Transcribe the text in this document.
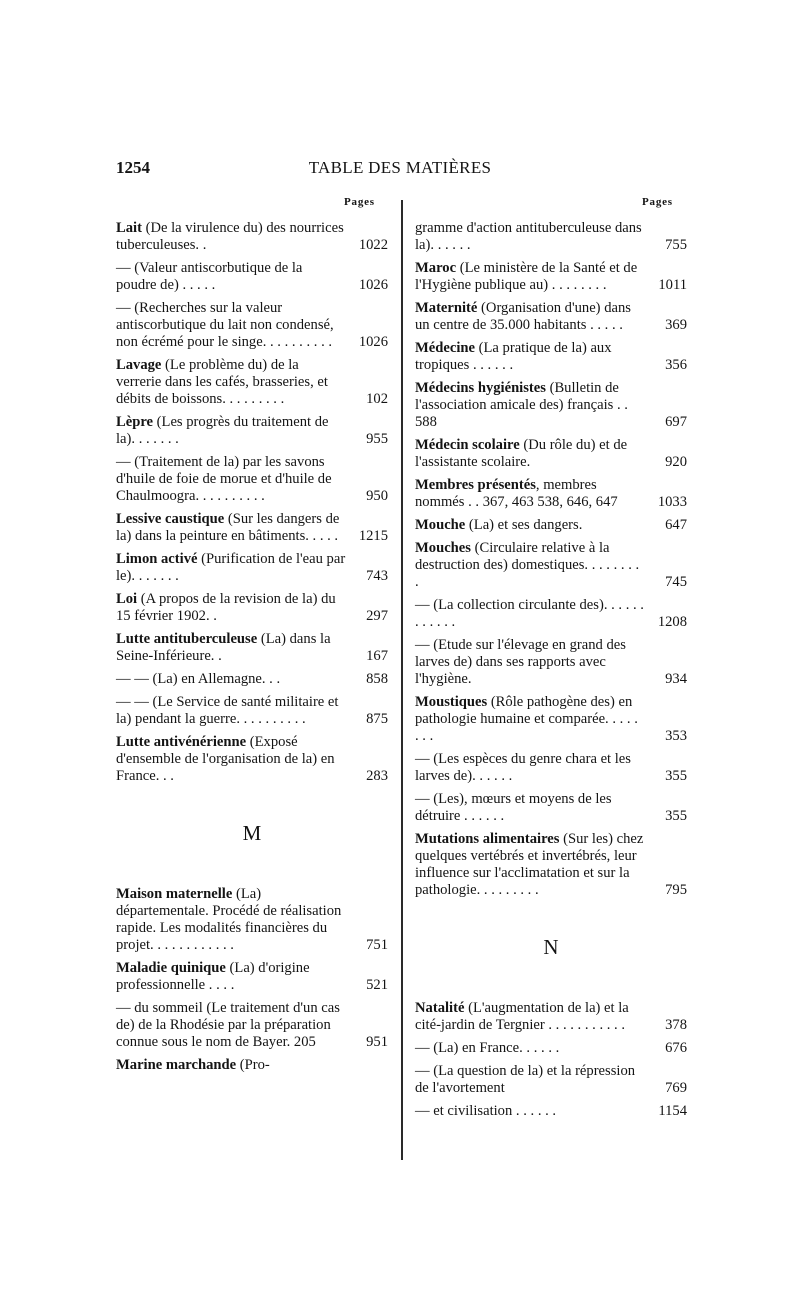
1254	TABLE DES MATIÈRES
Pages	Pages
Lait (De la virulence du) des nourrices tuberculeuses. .	1022
— (Valeur antiscorbutique de la poudre de) . . . . .	1026
— (Recherches sur la valeur antiscorbutique du lait non condensé, non écrémé pour le singe. . . . . . . . . .	1026
Lavage (Le problème du) de la verrerie dans les cafés, brasseries, et débits de boissons. . . . . . . . .	102
Lèpre (Les progrès du traitement de la). . . . . . .	955
— (Traitement de la) par les savons d'huile de foie de morue et d'huile de Chaulmoogra. . . . . . . . . .	950
Lessive caustique (Sur les dangers de la) dans la peinture en bâtiments. . . . .	1215
Limon activé (Purification de l'eau par le). . . . . . .	743
Loi (A propos de la revision de la) du 15 février 1902. .	297
Lutte antituberculeuse (La) dans la Seine-Inférieure. .	167
— — (La) en Allemagne. . .	858
— — (Le Service de santé militaire et la) pendant la guerre. . . . . . . . . .	875
Lutte antivénérienne (Exposé d'ensemble de l'organisation de la) en France. . .	283
M
Maison maternelle (La) départementale. Procédé de réalisation rapide. Les modalités financières du projet. . . . . . . . . . . .	751
Maladie quinique (La) d'origine professionnelle . . . .	521
— du sommeil (Le traitement d'un cas de) de la Rhodésie par la préparation connue sous le nom de Bayer. 205	951
Marine marchande (Pro-
gramme d'action antituberculeuse dans la). . . . . .	755
Maroc (Le ministère de la Santé et de l'Hygiène publique au) . . . . . . . .	1011
Maternité (Organisation d'une) dans un centre de 35.000 habitants . . . . .	369
Médecine (La pratique de la) aux tropiques . . . . . .	356
Médecins hygiénistes (Bulletin de l'association amicale des) français . . 588	697
Médecin scolaire (Du rôle du) et de l'assistante scolaire.	920
Membres présentés, membres nommés . . 367, 463 538, 646, 647	1033
Mouche (La) et ses dangers.	647
Mouches (Circulaire relative à la destruction des) domestiques. . . . . . . . .	745
— (La collection circulante des). . . . . . . . . . . .	1208
— (Etude sur l'élevage en grand des larves de) dans ses rapports avec l'hygiène.	934
Moustiques (Rôle pathogène des) en pathologie humaine et comparée. . . . . . . .	353
— (Les espèces du genre chara et les larves de). . . . . .	355
— (Les), mœurs et moyens de les détruire . . . . . .	355
Mutations alimentaires (Sur les) chez quelques vertébrés et invertébrés, leur influence sur l'acclimatation et sur la pathologie. . . . . . . . .	795
N
Natalité (L'augmentation de la) et la cité-jardin de Tergnier . . . . . . . . . . .	378
— (La) en France. . . . . .	676
— (La question de la) et la répression de l'avortement	769
— et civilisation . . . . . .	1154
